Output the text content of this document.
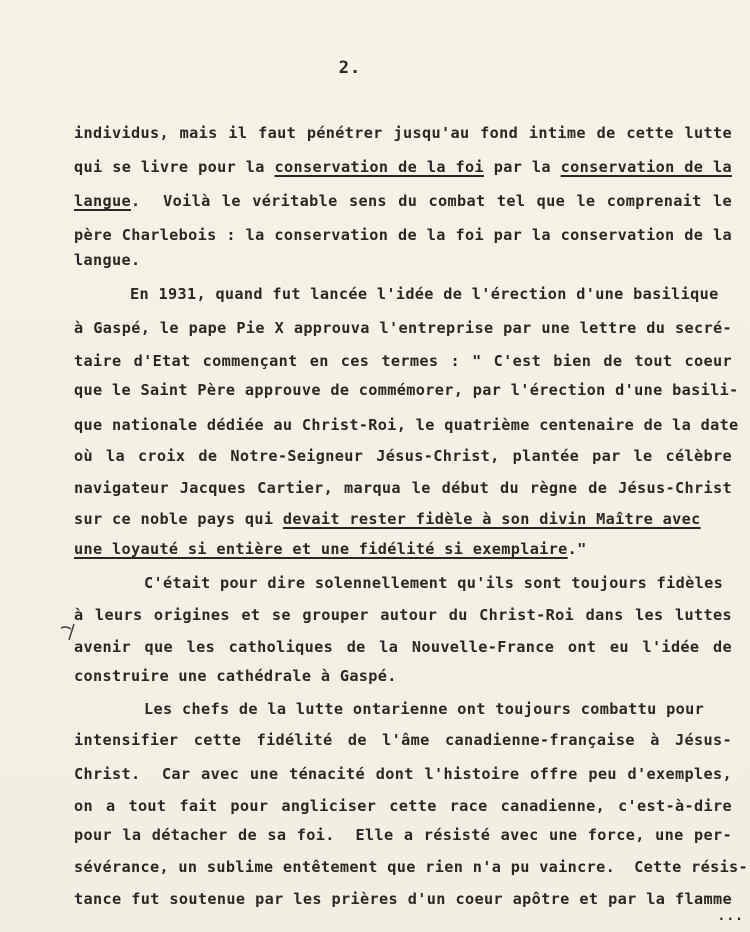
2.
individus, mais il faut pénétrer jusqu'au fond intime de cette lutte
qui se livre pour la conservation de la foi par la conservation de la
langue.  Voilà le véritable sens du combat tel que le comprenait le
père Charlebois : la conservation de la foi par la conservation de la
langue.
En 1931, quand fut lancée l'idée de l'érection d'une basilique
à Gaspé, le pape Pie X approuva l'entreprise par une lettre du secré-
taire d'Etat commençant en ces termes : " C'est bien de tout coeur
que le Saint Père approuve de commémorer, par l'érection d'une basili-
que nationale dédiée au Christ-Roi, le quatrième centenaire de la date
où la croix de Notre-Seigneur Jésus-Christ, plantée par le célèbre
navigateur Jacques Cartier, marqua le début du règne de Jésus-Christ
sur ce noble pays qui devait rester fidèle à son divin Maître avec
une loyauté si entière et une fidélité si exemplaire."
C'était pour dire solennellement qu'ils sont toujours fidèles
à leurs origines et se grouper autour du Christ-Roi dans les luttes
avenir que les catholiques de la Nouvelle-France ont eu l'idée de
construire une cathédrale à Gaspé.
Les chefs de la lutte ontarienne ont toujours combattu pour
intensifier cette fidélité de l'âme canadienne-française à Jésus-
Christ.  Car avec une ténacité dont l'histoire offre peu d'exemples,
on a tout fait pour angliciser cette race canadienne, c'est-à-dire
pour la détacher de sa foi.  Elle a résisté avec une force, une per-
sévérance, un sublime entêtement que rien n'a pu vaincre.  Cette résis-
tance fut soutenue par les prières d'un coeur apôtre et par la flamme
...
